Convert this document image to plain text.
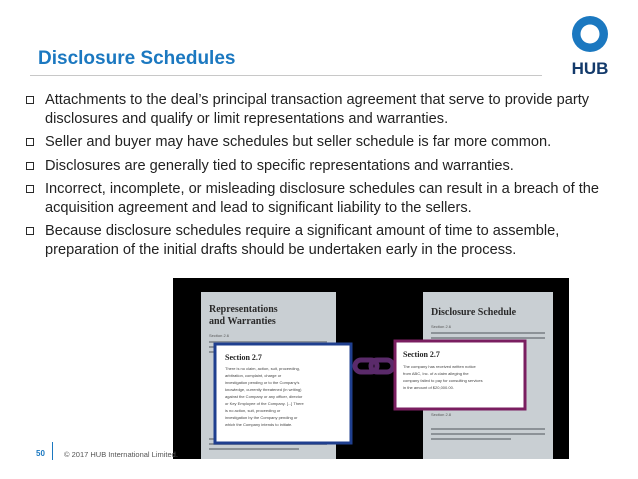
Disclosure Schedules	HUB
Attachments to the deal’s principal transaction agreement that serve to provide party disclosures and qualify or limit representations and warranties.
Seller and buyer may have schedules but seller schedule is far more common.
Disclosures are generally tied to specific representations and warranties.
Incorrect, incomplete, or misleading disclosure schedules can result in a breach of the acquisition agreement and lead to significant liability to the sellers.
Because disclosure schedules require a significant amount of time to assemble, preparation of the initial drafts should be undertaken early in the process.
Representations and Warranties
Section 2.6
Section 2.7
There is no claim, action, suit, proceeding,
arbitration, complaint, charge or
investigation pending or to the Company’s
knowledge, currently threatened (in writing)
against the Company or any officer, director
or Key Employee of the Company. [...] There
is no action, suit, proceeding or
investigation by the Company pending or
which the Company intends to initiate.
Disclosure Schedule
Section 2.6
Section 2.8
Section 2.7
The company has received written notice
from ABC, Inc. of a claim alleging the
company failed to pay for consulting services
in the amount of $20,000.00.
50	© 2017 HUB International Limited.
